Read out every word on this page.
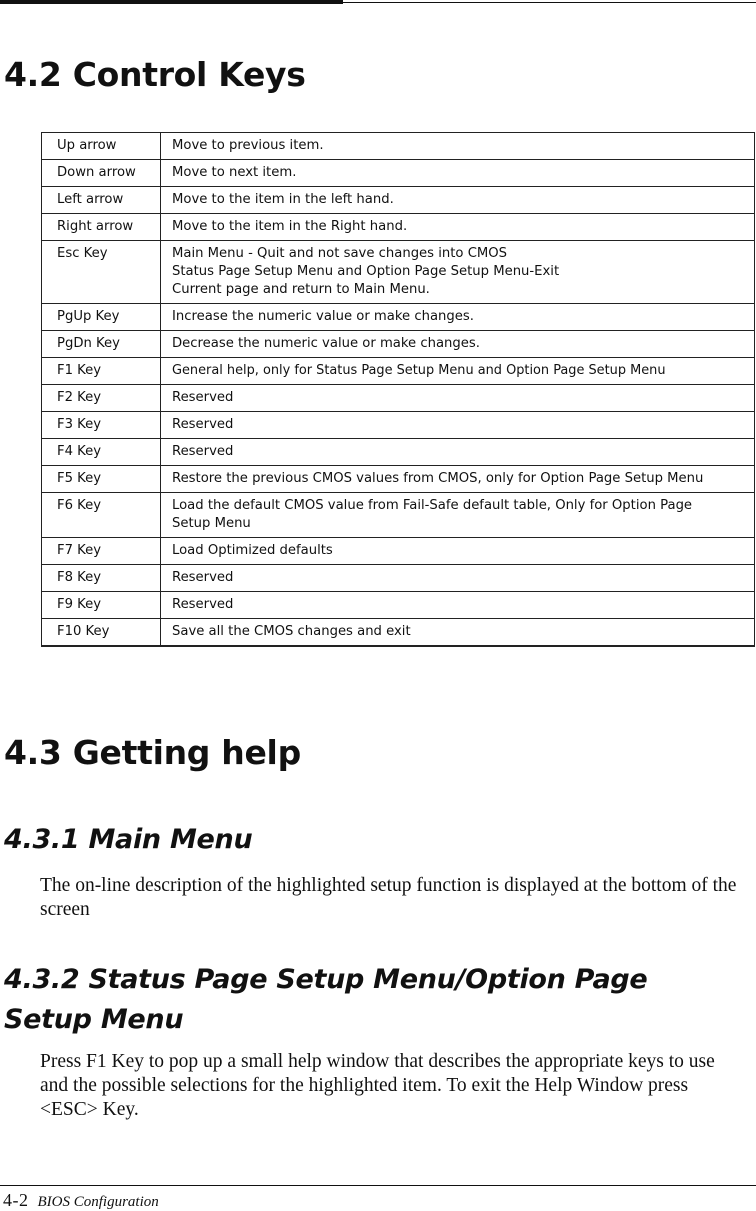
4.2 Control Keys
Up arrow	Move to previous item.
Down arrow	Move to next item.
Left arrow	Move to the item in the left hand.
Right arrow	Move to the item in the Right hand.
Esc Key	Main Menu - Quit and not save changes into CMOS
Status Page Setup Menu and Option Page Setup Menu-Exit
Current page and return to Main Menu.

PgUp Key	Increase the numeric value or make changes.
PgDn Key	Decrease the numeric value or make changes.
F1 Key	General help, only for Status Page Setup Menu and Option Page Setup Menu
F2 Key	Reserved
F3 Key	Reserved
F4 Key	Reserved
F5 Key	Restore the previous CMOS values from CMOS, only for Option Page Setup Menu
F6 Key	Load the default CMOS value from Fail-Safe default table, Only for Option Page Setup Menu
F7 Key	Load Optimized defaults
F8 Key	Reserved
F9 Key	Reserved
F10 Key	Save all the CMOS changes and exit
4.3 Getting help
4.3.1 Main Menu

The on-line description of the highlighted setup function is displayed at the bottom of the screen

4.3.2 Status Page Setup Menu/Option Page Setup Menu

Press F1 Key to pop up a small help window that describes the appropriate keys to use and the possible selections for the highlighted item. To exit the Help Window press <ESC> Key.

4-2 BIOS Configuration
